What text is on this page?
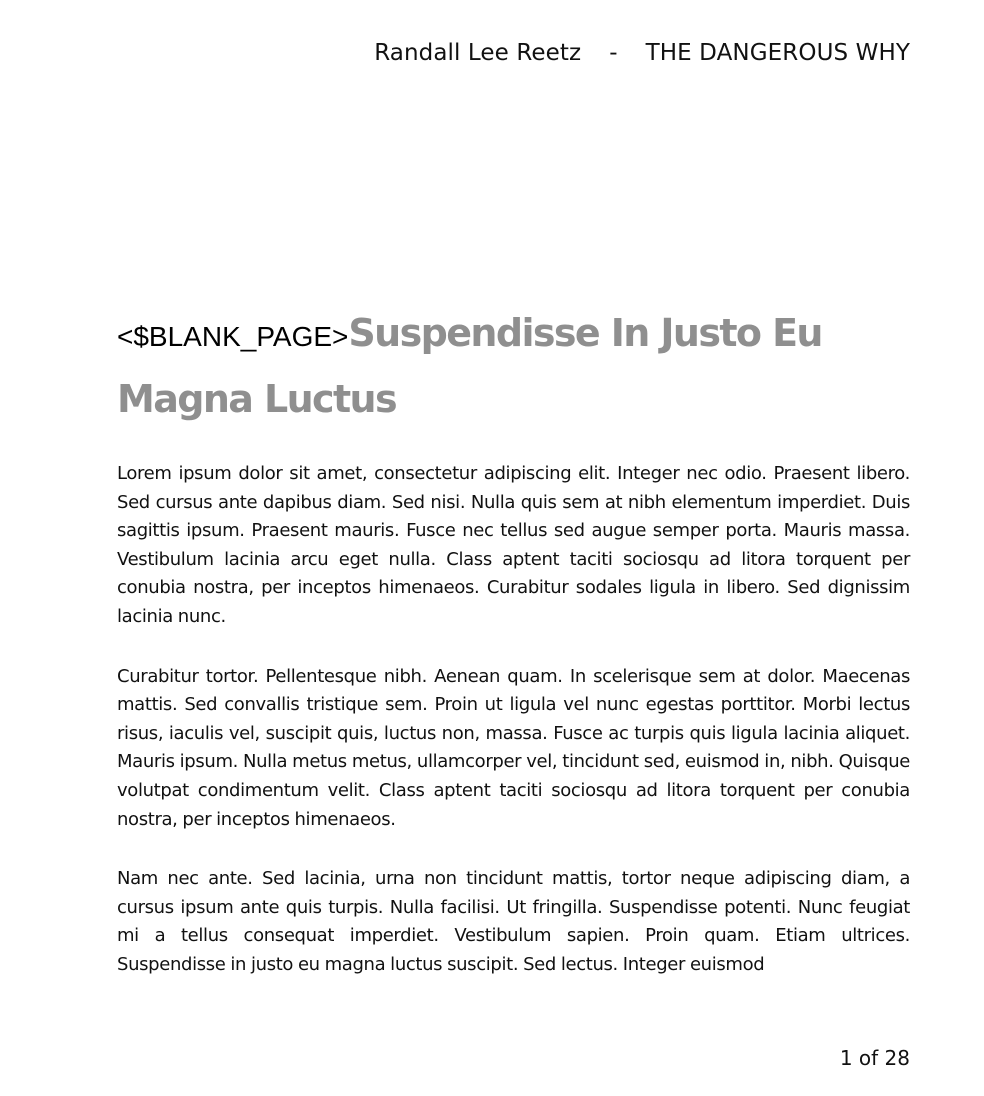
Randall Lee Reetz - THE DANGEROUS WHY
<$BLANK_PAGE>Suspendisse In Justo Eu Magna Luctus

Lorem ipsum dolor sit amet, consectetur adipiscing elit. Integer nec odio. Praesent libero. Sed cursus ante dapibus diam. Sed nisi. Nulla quis sem at nibh elementum imperdiet. Duis sagittis ipsum. Praesent mauris. Fusce nec tellus sed augue semper porta. Mauris massa. Vestibulum lacinia arcu eget nulla. Class aptent taciti sociosqu ad litora torquent per conubia nostra, per inceptos himenaeos. Curabitur sodales ligula in libero. Sed dignissim lacinia nunc.

Curabitur tortor. Pellentesque nibh. Aenean quam. In scelerisque sem at dolor. Maecenas mattis. Sed convallis tristique sem. Proin ut ligula vel nunc egestas porttitor. Morbi lectus risus, iaculis vel, suscipit quis, luctus non, massa. Fusce ac turpis quis ligula lacinia aliquet. Mauris ipsum. Nulla metus metus, ullamcorper vel, tincidunt sed, euismod in, nibh. Quisque volutpat condimentum velit. Class aptent taciti sociosqu ad litora torquent per conubia nostra, per inceptos himenaeos.

Nam nec ante. Sed lacinia, urna non tincidunt mattis, tortor neque adipiscing diam, a cursus ipsum ante quis turpis. Nulla facilisi. Ut fringilla. Suspendisse potenti. Nunc feugiat mi a tellus consequat imperdiet. Vestibulum sapien. Proin quam. Etiam ultrices. Suspendisse in justo eu magna luctus suscipit. Sed lectus. Integer euismod

1 of 28
